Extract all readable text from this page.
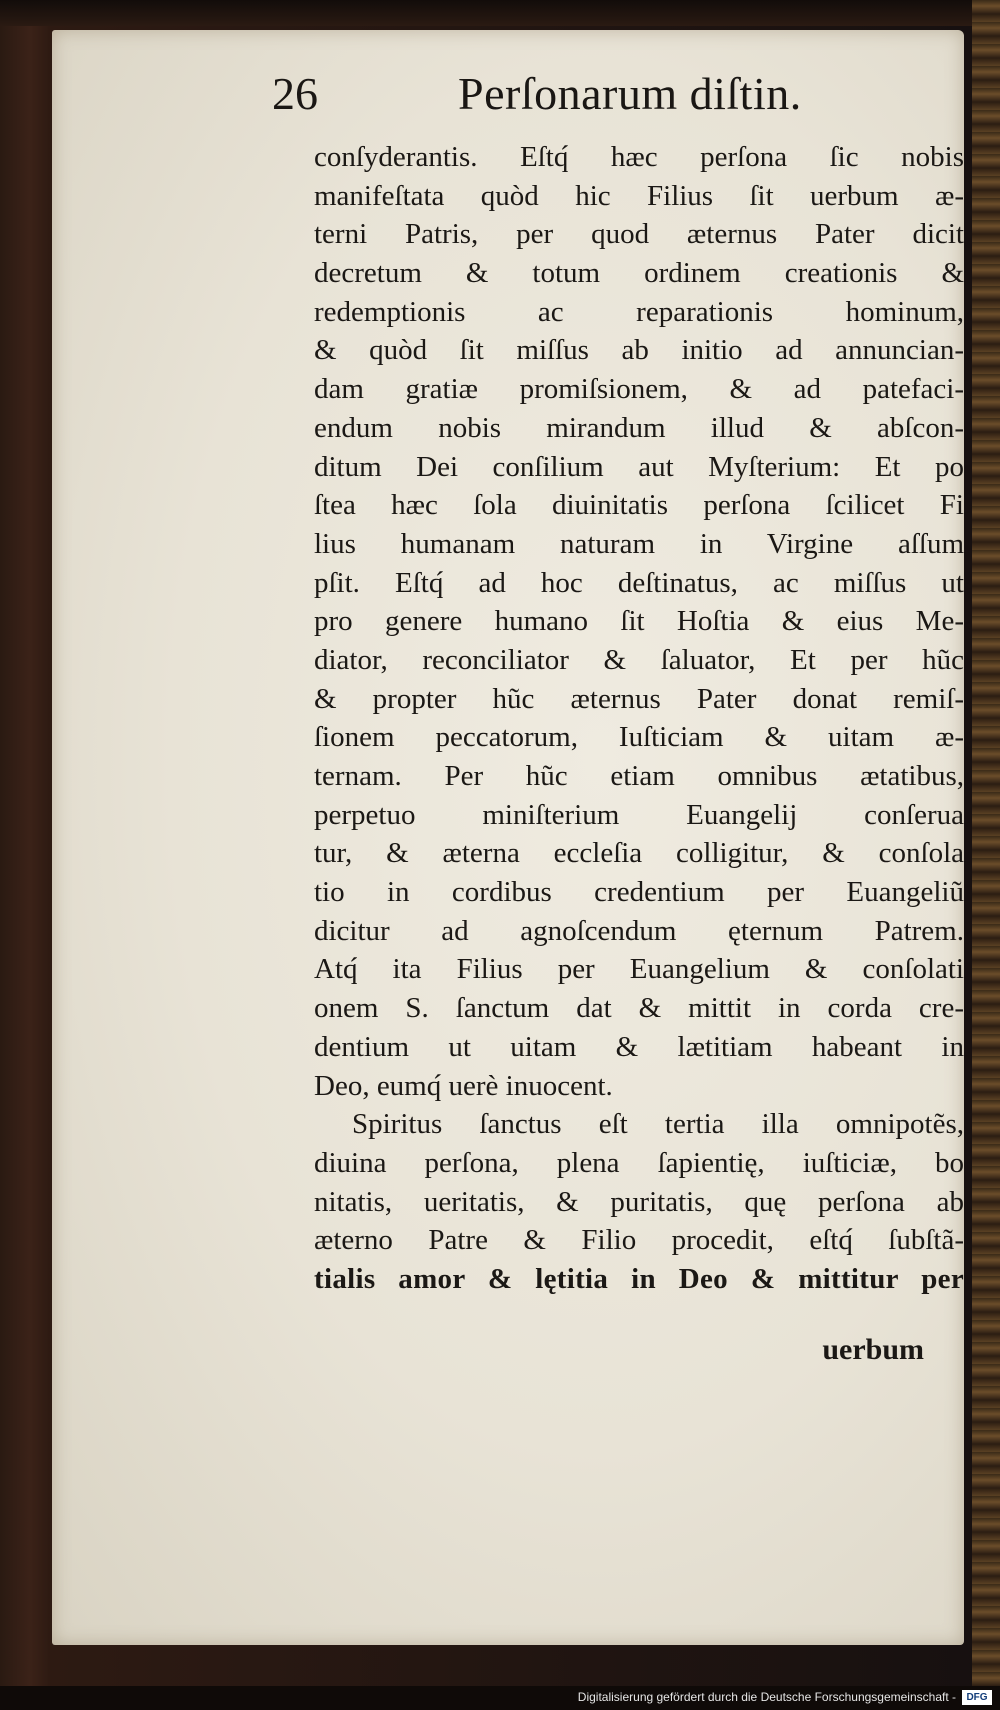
26	Perſonarum diſtin.
conſyderantis. Eſtq́ hæc perſona ſic nobis
manifeſtata quòd hic Filius ſit uerbum æ-
terni Patris, per quod æternus Pater dicit
decretum & totum ordinem creationis &
redemptionis ac reparationis hominum,
& quòd ſit miſſus ab initio ad annuncian-
dam gratiæ promiſsionem, & ad patefaci-
endum nobis mirandum illud & abſcon-
ditum Dei conſilium aut Myſterium: Et po
ſtea hæc ſola diuinitatis perſona ſcilicet Fi
lius humanam naturam in Virgine aſſum
pſit. Eſtq́ ad hoc deſtinatus, ac miſſus ut
pro genere humano ſit Hoſtia & eius Me-
diator, reconciliator & ſaluator, Et per hũc
& propter hũc æternus Pater donat remiſ-
ſionem peccatorum, Iuſticiam & uitam æ-
ternam. Per hũc etiam omnibus ætatibus,
perpetuo miniſterium Euangelij conſerua
tur, & æterna eccleſia colligitur, & conſola
tio in cordibus credentium per Euangeliũ
dicitur ad agnoſcendum ęternum Patrem.
Atq́ ita Filius per Euangelium & conſolati
onem S. ſanctum dat & mittit in corda cre-
dentium ut uitam & lætitiam habeant in
Deo, eumq́ uerè inuocent.
Spiritus ſanctus eſt tertia illa omnipotẽs,
diuina perſona, plena ſapientię, iuſticiæ, bo
nitatis, ueritatis, & puritatis, quę perſona ab
æterno Patre & Filio procedit, eſtq́ ſubſtã-
tialis amor & lętitia in Deo & mittitur per
uerbum
Digitalisierung gefördert durch die Deutsche Forschungsgemeinschaft -	DFG
